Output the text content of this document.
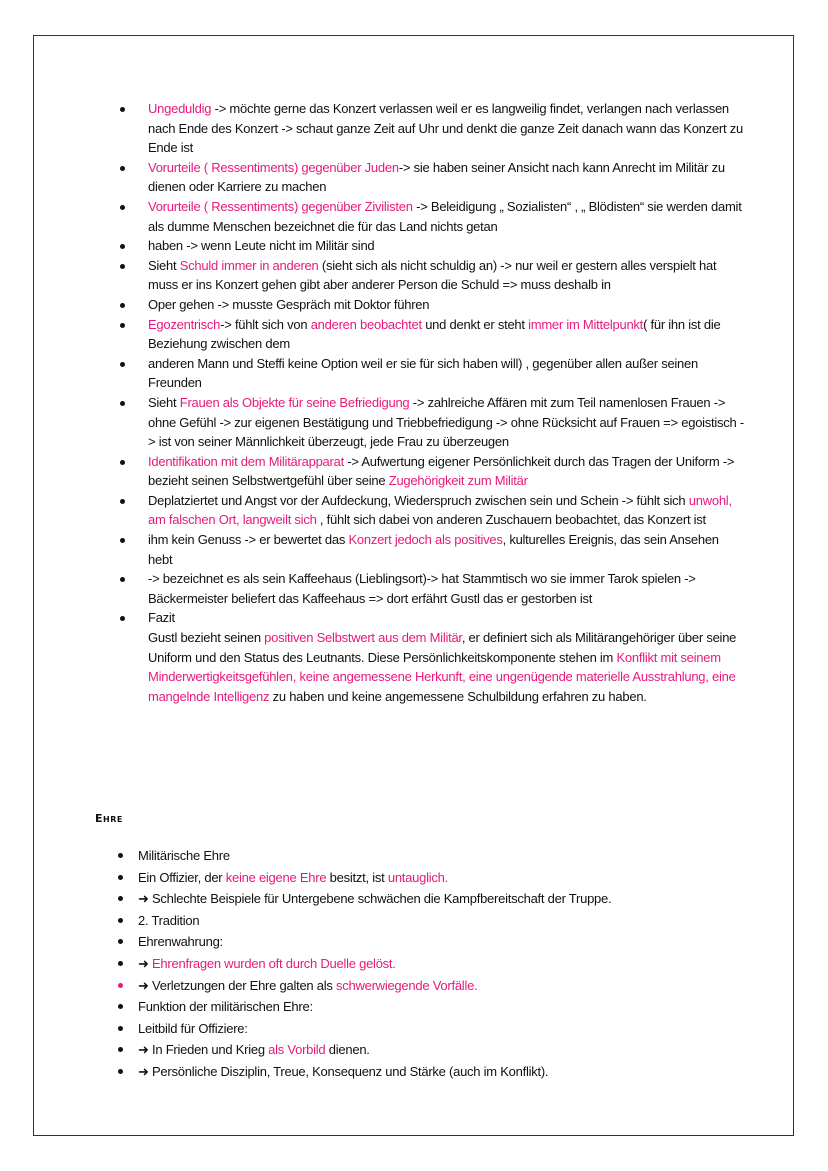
Ungeduldig -> möchte gerne das Konzert verlassen weil er es langweilig findet, verlangen nach verlassen nach Ende des Konzert -> schaut ganze Zeit auf Uhr und denkt die ganze Zeit danach wann das Konzert zu Ende ist
Vorurteile ( Ressentiments) gegenüber Juden-> sie haben seiner Ansicht nach kann Anrecht im Militär zu dienen oder Karriere zu machen
Vorurteile ( Ressentiments) gegenüber Zivilisten -> Beleidigung „ Sozialisten“ , „ Blödisten“ sie werden damit als dumme Menschen bezeichnet die für das Land nichts getan
haben -> wenn Leute nicht im Militär sind
Sieht Schuld immer in anderen (sieht sich als nicht schuldig an) -> nur weil er gestern alles verspielt hat muss er ins Konzert gehen gibt aber anderer Person die Schuld => muss deshalb in
Oper gehen -> musste Gespräch mit Doktor führen
Egozentrisch-> fühlt sich von anderen beobachtet und denkt er steht immer im Mittelpunkt( für ihn ist die Beziehung zwischen dem
anderen Mann und Steffi keine Option weil er sie für sich haben will) , gegenüber allen außer seinen Freunden
Sieht Frauen als Objekte für seine Befriedigung -> zahlreiche Affären mit zum Teil namenlosen Frauen -> ohne Gefühl -> zur eigenen Bestätigung und Triebbefriedigung -> ohne Rücksicht auf Frauen => egoistisch -> ist von seiner Männlichkeit überzeugt, jede Frau zu überzeugen
Identifikation mit dem Militärapparat -> Aufwertung eigener Persönlichkeit durch das Tragen der Uniform -> bezieht seinen Selbstwertgefühl über seine Zugehörigkeit zum Militär
Deplatziertet und Angst vor der Aufdeckung, Wiederspruch zwischen sein und Schein -> fühlt sich unwohl, am falschen Ort, langweilt sich , fühlt sich dabei von anderen Zuschauern beobachtet, das Konzert ist
ihm kein Genuss -> er bewertet das Konzert jedoch als positives, kulturelles Ereignis, das sein Ansehen hebt
-> bezeichnet es als sein Kaffeehaus (Lieblingsort)-> hat Stammtisch wo sie immer Tarok spielen -> Bäckermeister beliefert das Kaffeehaus => dort erfährt Gustl das er gestorben ist
Fazit
Gustl bezieht seinen positiven Selbstwert aus dem Militär, er definiert sich als Militärangehöriger über seine Uniform und den Status des Leutnants. Diese Persönlichkeitskomponente stehen im Konflikt mit seinem Minderwertigkeitsgefühlen, keine angemessene Herkunft, eine ungenügende materielle Ausstrahlung, eine mangelnde Intelligenz zu haben und keine angemessene Schulbildung erfahren zu haben.
Ehre
Militärische Ehre
Ein Offizier, der keine eigene Ehre besitzt, ist untauglich.
➜ Schlechte Beispiele für Untergebene schwächen die Kampfbereitschaft der Truppe.
2. Tradition
Ehrenwahrung:
➜ Ehrenfragen wurden oft durch Duelle gelöst.
➜ Verletzungen der Ehre galten als schwerwiegende Vorfälle.
Funktion der militärischen Ehre:
Leitbild für Offiziere:
➜ In Frieden und Krieg als Vorbild dienen.
➜ Persönliche Disziplin, Treue, Konsequenz und Stärke (auch im Konflikt).
